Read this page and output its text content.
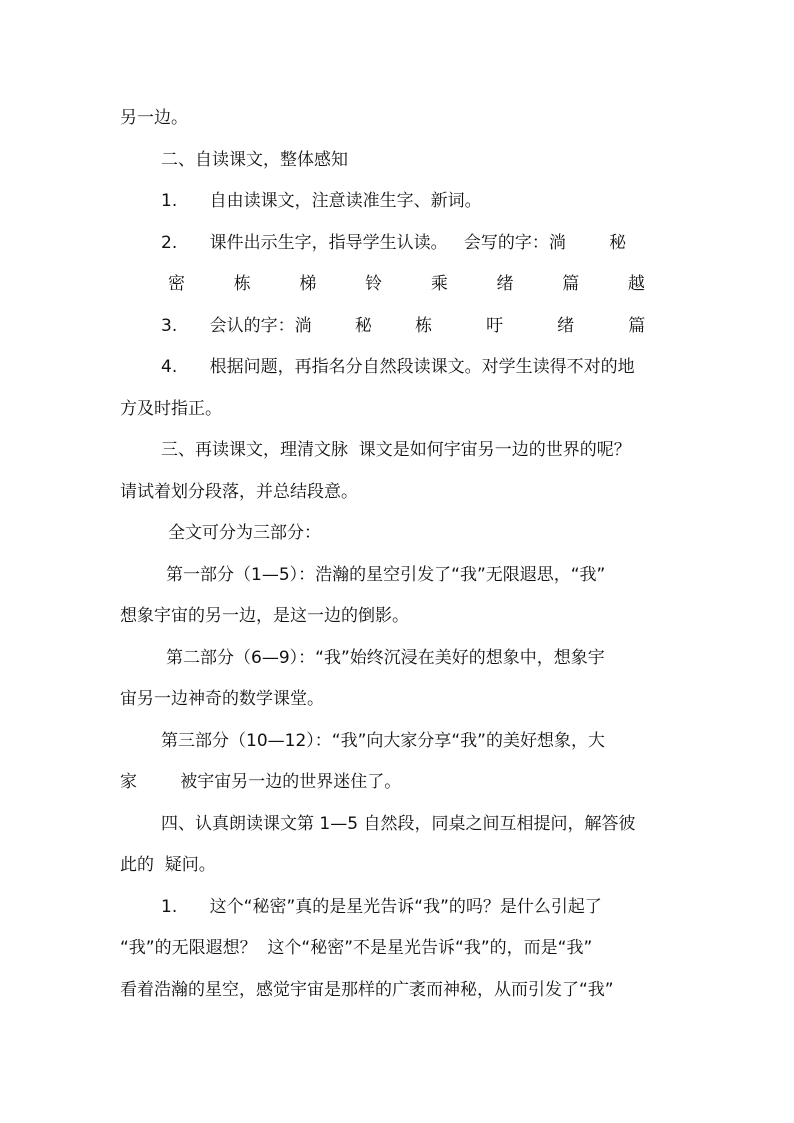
另一边。
二、自读课文，整体感知
1.      自由读课文，注意读准生字、新词。
2.      课件出示生字，指导学生认读。   会写的字：淌        秘
密	栋	梯	铃	乘	绪	篇	越
3.      会认的字：淌        秘        栋          吁          绪          篇
4.      根据问题，再指名分自然段读课文。对学生读得不对的地
方及时指正。
三、再读课文，理清文脉  课文是如何宇宙另一边的世界的呢？
请试着划分段落，并总结段意。
全文可分为三部分：
第一部分（1—5）：浩瀚的星空引发了“我”无限遐思，“我”
想象宇宙的另一边，是这一边的倒影。
第二部分（6—9）：“我”始终沉浸在美好的想象中，想象宇
宙另一边神奇的数学课堂。
第三部分（10—12）：“我”向大家分享“我”的美好想象，大
家        被宇宙另一边的世界迷住了。
四、认真朗读课文第 1—5 自然段，同桌之间互相提问，解答彼
此的  疑问。
1.      这个“秘密”真的是星光告诉“我”的吗？是什么引起了
“我”的无限遐想？  这个“秘密”不是星光告诉“我”的，而是“我”
看着浩瀚的星空，感觉宇宙是那样的广袤而神秘，从而引发了“我”
